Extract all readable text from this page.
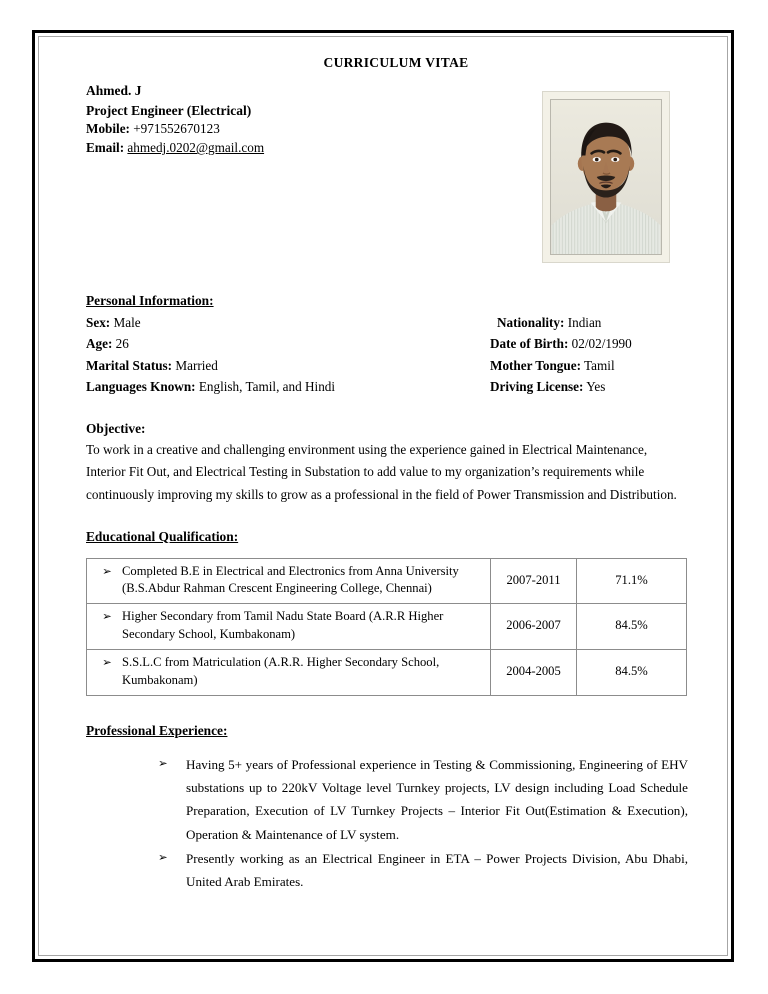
CURRICULUM VITAE
Ahmed. J
Project Engineer (Electrical)
Mobile: +971552670123
Email: ahmedj.0202@gmail.com
Personal Information:
Sex: Male	Nationality: Indian
Age: 26	Date of Birth: 02/02/1990
Marital Status: Married	Mother Tongue: Tamil
Languages Known: English, Tamil, and Hindi	Driving License: Yes
Objective:

To work in a creative and challenging environment using the experience gained in Electrical Maintenance, Interior Fit Out, and Electrical Testing in Substation to add value to my organization’s requirements while continuously improving my skills to grow as a professional in the field of Power Transmission and Distribution.

Educational Qualification:
➢ Completed B.E in Electrical and Electronics from Anna University (B.S.Abdur Rahman Crescent Engineering College, Chennai)	2007-2011	71.1%

➢ Higher Secondary from Tamil Nadu State Board (A.R.R Higher Secondary School, Kumbakonam)	2006-2007	84.5%

➢ S.S.L.C from Matriculation (A.R.R. Higher Secondary School, Kumbakonam)	2004-2005	84.5%
Professional Experience:
➢	Having 5+ years of Professional experience in Testing & Commissioning, Engineering of EHV substations up to 220kV Voltage level Turnkey projects, LV design including Load Schedule Preparation, Execution of LV Turnkey Projects – Interior Fit Out(Estimation & Execution), Operation & Maintenance of LV system.
➢	Presently working as an Electrical Engineer in ETA – Power Projects Division, Abu Dhabi, United Arab Emirates.
